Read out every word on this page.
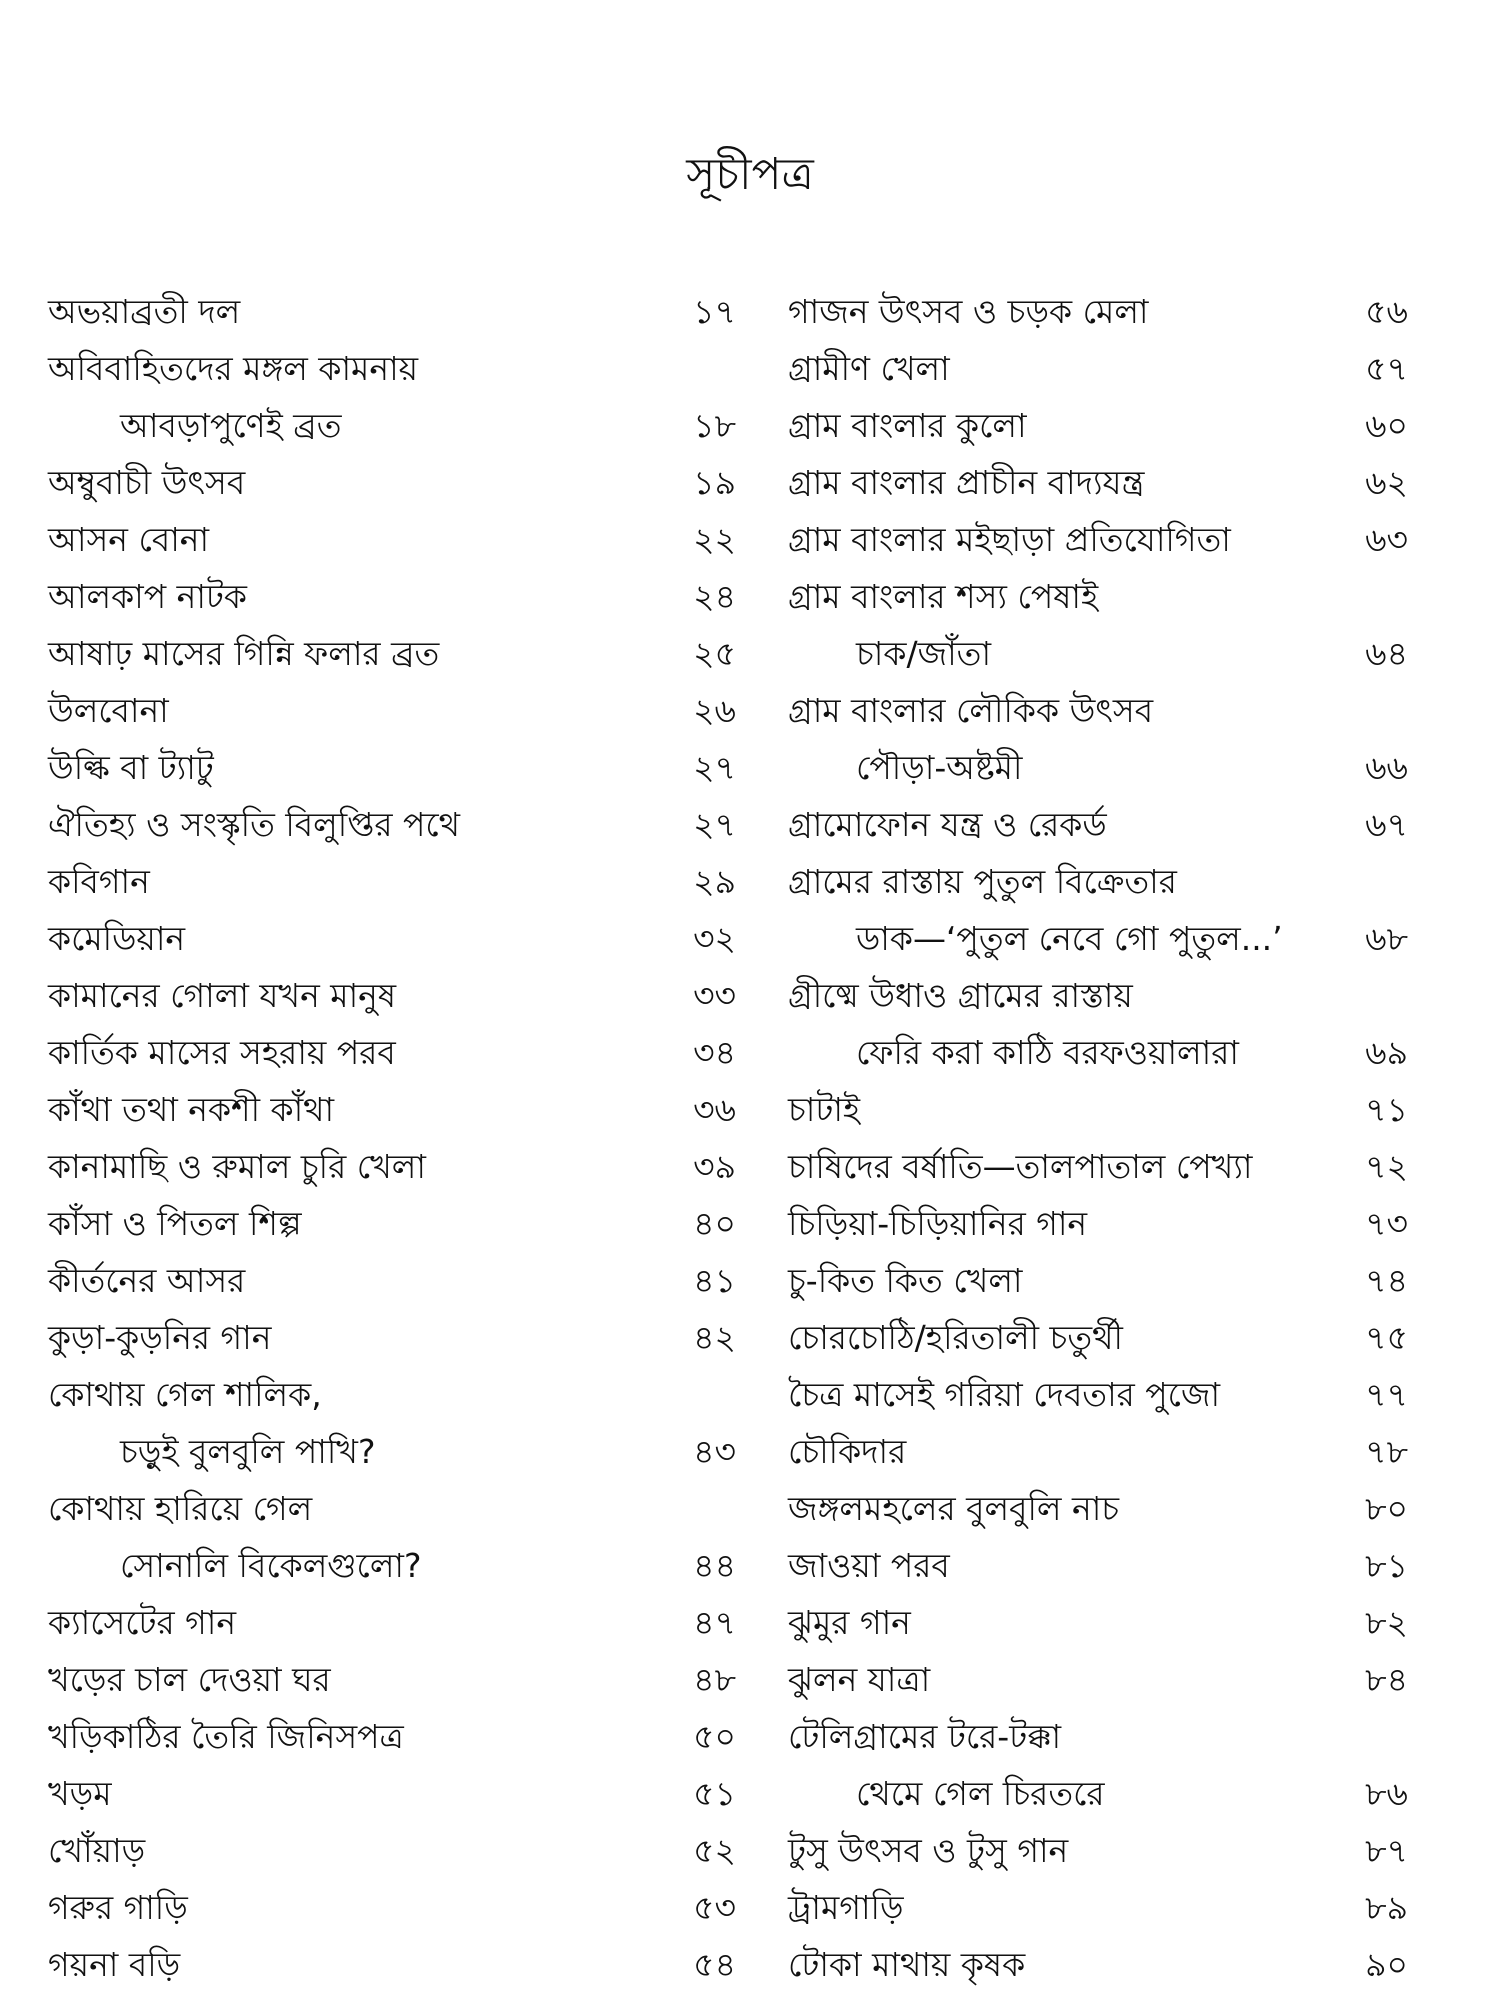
সূচীপত্র
অভয়াব্রতী দল	১৭
অবিবাহিতদের মঙ্গল কামনায়
আবড়াপুণেই ব্রত	১৮
অম্বুবাচী উৎসব	১৯
আসন বোনা	২২
আলকাপ নাটক	২৪
আষাঢ় মাসের গিন্নি ফলার ব্রত	২৫
উলবোনা	২৬
উল্কি বা ট্যাটু	২৭
ঐতিহ্য ও সংস্কৃতি বিলুপ্তির পথে	২৭
কবিগান	২৯
কমেডিয়ান	৩২
কামানের গোলা যখন মানুষ	৩৩
কার্তিক মাসের সহরায় পরব	৩৪
কাঁথা তথা নকশী কাঁথা	৩৬
কানামাছি ও রুমাল চুরি খেলা	৩৯
কাঁসা ও পিতল শিল্প	৪০
কীর্তনের আসর	৪১
কুড়া-কুড়নির গান	৪২
কোথায় গেল শালিক,
চড়ুই বুলবুলি পাখি?	৪৩
কোথায় হারিয়ে গেল
সোনালি বিকেলগুলো?	৪৪
ক্যাসেটের গান	৪৭
খড়ের চাল দেওয়া ঘর	৪৮
খড়িকাঠির তৈরি জিনিসপত্র	৫০
খড়ম	৫১
খোঁয়াড়	৫২
গরুর গাড়ি	৫৩
গয়না বড়ি	৫৪
গাজন উৎসব ও চড়ক মেলা	৫৬
গ্রামীণ খেলা	৫৭
গ্রাম বাংলার কুলো	৬০
গ্রাম বাংলার প্রাচীন বাদ্যযন্ত্র	৬২
গ্রাম বাংলার মইছাড়া প্রতিযোগিতা	৬৩
গ্রাম বাংলার শস্য পেষাই
চাক/জাঁতা	৬৪
গ্রাম বাংলার লৌকিক উৎসব
পৌড়া-অষ্টমী	৬৬
গ্রামোফোন যন্ত্র ও রেকর্ড	৬৭
গ্রামের রাস্তায় পুতুল বিক্রেতার
ডাক—‘পুতুল নেবে গো পুতুল...’	৬৮
গ্রীষ্মে উধাও গ্রামের রাস্তায়
ফেরি করা কাঠি বরফওয়ালারা	৬৯
চাটাই	৭১
চাষিদের বর্ষাতি—তালপাতাল পেখ্যা	৭২
চিড়িয়া-চিড়িয়ানির গান	৭৩
চু-কিত কিত খেলা	৭৪
চোরচোঠি/হরিতালী চতুর্থী	৭৫
চৈত্র মাসেই গরিয়া দেবতার পুজো	৭৭
চৌকিদার	৭৮
জঙ্গলমহলের বুলবুলি নাচ	৮০
জাওয়া পরব	৮১
ঝুমুর গান	৮২
ঝুলন যাত্রা	৮৪
টেলিগ্রামের টরে-টক্কা
থেমে গেল চিরতরে	৮৬
টুসু উৎসব ও টুসু গান	৮৭
ট্রামগাড়ি	৮৯
টোকা মাথায় কৃষক	৯০
